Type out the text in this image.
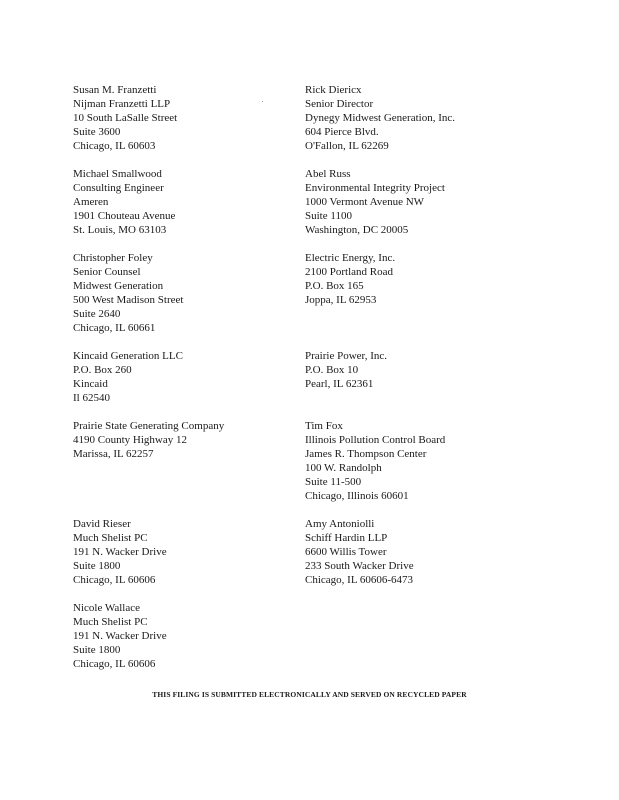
Susan M. Franzetti
Nijman Franzetti LLP
10 South LaSalle Street
Suite 3600
Chicago, IL 60603
Michael Smallwood
Consulting Engineer
Ameren
1901 Chouteau Avenue
St. Louis, MO 63103
Christopher Foley
Senior Counsel
Midwest Generation
500 West Madison Street
Suite 2640
Chicago, IL 60661
Kincaid Generation LLC
P.O. Box 260
Kincaid
Il 62540
Prairie State Generating Company
4190 County Highway 12
Marissa, IL 62257
David Rieser
Much Shelist PC
191 N. Wacker Drive
Suite 1800
Chicago, IL 60606
Nicole Wallace
Much Shelist PC
191 N. Wacker Drive
Suite 1800
Chicago, IL 60606
Rick Diericx
Senior Director
Dynegy Midwest Generation, Inc.
604 Pierce Blvd.
O'Fallon, IL 62269
Abel Russ
Environmental Integrity Project
1000 Vermont Avenue NW
Suite 1100
Washington, DC 20005
Electric Energy, Inc.
2100 Portland Road
P.O. Box 165
Joppa, IL 62953
Prairie Power, Inc.
P.O. Box 10
Pearl, IL 62361
Tim Fox
Illinois Pollution Control Board
James R. Thompson Center
100 W. Randolph
Suite 11-500
Chicago, Illinois 60601
Amy Antoniolli
Schiff Hardin LLP
6600 Willis Tower
233 South Wacker Drive
Chicago, IL 60606-6473
THIS FILING IS SUBMITTED ELECTRONICALLY AND SERVED ON RECYCLED PAPER
